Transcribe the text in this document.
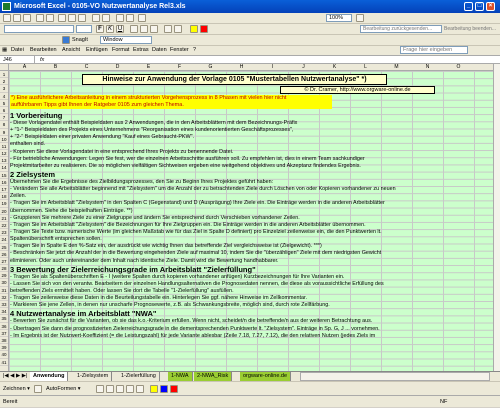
Microsoft Excel - 0105-VO Nutzwertanalyse Rel3.xls	_	□	×
100%
F	K U	Bearbeitung zurückgesenden...	Bearbeitung beenden...
SnagIt	Window
▦ Datei Bearbeiten Ansicht Einfügen Format Extras Daten Fenster ?	Frage hier eingeben
J46	fx
A	B	C	D	E	F	G	H	I	J	K	L	M	N	O
1
2
3
4
5
6
7
8
9
10
11
12
13
14
15
16
17
18
19
20
21
22
23
24
25
26
27
28
29
30
31
32
33
34
35
36
37
38
39
40
41
Hinweise zur Anwendung der Vorlage 0105 "Mustertabellen Nutzwertanalyse" *)
© Dr. Cramer, http://www.orgware-online.de
*) Eine ausführlichere Arbeitsanleitung in einem strukturierten Vorgehensprozess in 8 Phasen mit vielen hier nicht
aufführbaren Tipps gibt Ihnen der Ratgeber 0105 zum gleichen Thema.
1 Vorbereitung
- Diese Vorlagendatei enthält Beispieldaten aus 2 Anwendungen, die in den Arbeitsblättern mit dem Bezeichnungs-Präfix
+ "1-" Beispieldaten des Projekts eines Unternehmens "Reorganisation eines kundenorientierten Geschäftsprozesses",
+ "2-" Beispieldaten einer privaten Anwendung "Kauf eines Gebraucht-PKW".
enthalten sind.
- Kopieren Sie diese Vorlagendatei in eine entsprechend Ihres Projekts zu benennende Datei.
- Für betriebliche Anwendungen: Legen Sie fest, wer die einzelnen Arbeitsschritte ausführen soll. Zu empfehlen ist, dies in einem Team sachkundiger
Projektmitarbeiter zu realisieren. Die so möglichen vielfältigen Sichtweisen ergeben eine weitgehend objektives und Akzeptanz findendes Ergebnis.
2 Zielsystem
Übernehmen Sie die Ergebnisse des Zielbildungsprozesses, den Sie zu Beginn Ihres Projektes geführt haben:
- Verändern Sie alle Arbeitsblätter beginnend mit "Zielsystem" um die Anzahl der zu betrachtenden Ziele durch Löschen von oder Kopieren vorhandener zu neuen
Zeilen.
- Tragen Sie im Arbeitsblatt "Zielsystem" in den Spalten C (Gegenstand) und D (Ausprägung) Ihre Ziele ein. Die Einträge werden in die anderen Arbeitsblätter
übernommen. Siehe die beispielhaften Einträge. **)
- Gruppieren Sie mehrere Ziele zu einer Zielgruppe und ändern Sie entsprechend durch Verschieben vorhandener Zeilen.
- Tragen Sie im Arbeitsblatt "Zielsystem" die Bezeichnungen für Ihre Zielgruppen ein. Die Einträge werden in die anderen Arbeitsblätter übernommen.
- Tragen Sie Texte bzw. numerische Werte (im gleichen Maßstab wie für das Ziel in Spalte D definiert) pro Einzelziel zeilenweise ein, die den Punktwerten lt.
Spaltenüberschrift entsprechen sollen.
- Tragen Sie in Spalte E den %-Satz ein, der ausdrückt wie wichtig Ihnen das betreffende Ziel vergleichsweise ist (Zielgewicht). ***)
- Beschränken Sie jetzt die Anzahl der in die Bewertung eingehenden Ziele auf maximal 10, indem Sie die "überzähligen" Ziele mit dem niedrigsten Gewicht
eliminieren. Oder auch untereinander dem Inhalt nach identische Ziele. Damit wird die Bewertung handhabbarer.
3 Bewertung der Zielerreichungsgrade im Arbeitsblatt "Zielerfüllung"
- Tragen Sie als Spaltenüberschriften E - I (weitere Spalten durch kopieren vorhandener anfügen) Kurzbezeichnungen für Ihre Varianten ein.
- Lassen Sie sich von den verantw. Bearbeitern der einzelnen Handlungsalternativen die Prognosedaten nennen, die diese als voraussichtliche Erfüllung des
betreffenden Ziels ermittelt haben. Oder lassen Sie dort die Tabelle "1-Zielerfüllung" ausfüllen.
- Tragen Sie zeilenweise diese Daten in die Beurteilungstabelle ein. Hinterlegen Sie ggf. nähere Hinweise im Zellkommentar.
- Markieren Sie jene Zellen, in denen nur unscharfe Prognosewerte, z.B. als Schwankungsbreite, möglich sind, durch rote Zellfärbung.
4 Nutzwertanalyse im Arbeitsblatt "NWA"
- Bewerten Sie zunächst für die Varianten, ob sie das k.o.-Kriterium erfüllen. Wenn nicht, scheidet/n die betreffende/n aus der weiteren Betrachtung aus.
- Übertragen Sie dann die prognostizierten Zielerreichungsgrade in die dementsprechenden Punktwerte lt. "Zielsystem". Einträge in Sp. G, J ... vornehmen.
- Im Ergebnis ist der Nutzwert-Koeffizient (= die Leistungszahl) für jede Variante ablesbar (Zeile 7.18, 7.27, 7.12), die den relativen Nutzen (jedes Ziels im
|◀ ◀ ▶ ▶|	Anwendung	1-Zielsystem	1-Zielerfüllung	1-NWA	2-NWA_Risk	orgware-online.de
Zeichnen ▾	AutoFormen ▾
Bereit	NF
